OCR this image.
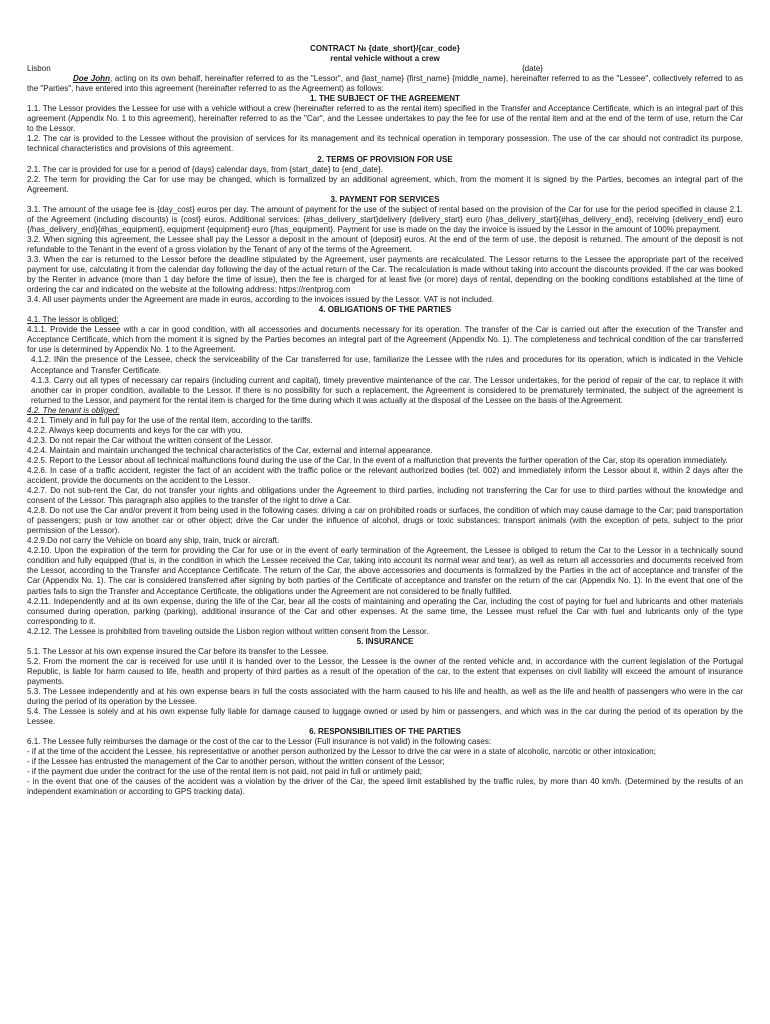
CONTRACT № {date_short}/{car_code}
rental vehicle without a crew
Lisbon	{date}

Doe John, acting on its own behalf, hereinafter referred to as the "Lessor", and {last_name} {first_name} {middle_name}, hereinafter referred to as the "Lessee", collectively referred to as the "Parties", have entered into this agreement (hereinafter referred to as the Agreement) as follows:

1. THE SUBJECT OF THE AGREEMENT

1.1. The Lessor provides the Lessee for use with a vehicle without a crew (hereinafter referred to as the rental item) specified in the Transfer and Acceptance Certificate, which is an integral part of this agreement (Appendix No. 1 to this agreement), hereinafter referred to as the "Car", and the Lessee undertakes to pay the fee for use of the rental item and at the end of the term of use, return the Car to the Lessor.

1.2. The car is provided to the Lessee without the provision of services for its management and its technical operation in temporary possession. The use of the car should not contradict its purpose, technical characteristics and provisions of this agreement.

2. TERMS OF PROVISION FOR USE

2.1. The car is provided for use for a period of {days} calendar days, from {start_date} to {end_date}.

2.2. The term for providing the Car for use may be changed, which is formalized by an additional agreement, which, from the moment it is signed by the Parties, becomes an integral part of the Agreement.

3. PAYMENT FOR SERVICES

3.1. The amount of the usage fee is {day_cost} euros per day. The amount of payment for the use of the subject of rental based on the provision of the Car for use for the period specified in clause 2.1. of the Agreement (including discounts) is {cost} euros. Additional services: {#has_delivery_start}delivery {delivery_start} euro {/has_delivery_start}{#has_delivery_end}, receiving {delivery_end} euro {/has_delivery_end}{#has_equipment}, equipment {equipment} euro {/has_equipment}. Payment for use is made on the day the invoice is issued by the Lessor in the amount of 100% prepayment.

3.2. When signing this agreement, the Lessee shall pay the Lessor a deposit in the amount of {deposit} euros. At the end of the term of use, the deposit is returned. The amount of the deposit is not refundable to the Tenant in the event of a gross violation by the Tenant of any of the terms of the Agreement.

3.3. When the car is returned to the Lessor before the deadline stipulated by the Agreement, user payments are recalculated. The Lessor returns to the Lessee the appropriate part of the received payment for use, calculating it from the calendar day following the day of the actual return of the Car. The recalculation is made without taking into account the discounts provided. If the car was booked by the Renter in advance (more than 1 day before the time of issue), then the fee is charged for at least five (or more) days of rental, depending on the booking conditions established at the time of ordering the car and indicated on the website at the following address: https://rentprog.com

3.4. All user payments under the Agreement are made in euros, according to the invoices issued by the Lessor. VAT is not included.

4. OBLIGATIONS OF THE PARTIES

4.1. The lessor is obliged:

4.1.1. Provide the Lessee with a car in good condition, with all accessories and documents necessary for its operation. The transfer of the Car is carried out after the execution of the Transfer and Acceptance Certificate, which from the moment it is signed by the Parties becomes an integral part of the Agreement (Appendix No. 1). The completeness and technical condition of the car transferred for use is determined by Appendix No. 1 to the Agreement.

4.1.2. INin the presence of the Lessee, check the serviceability of the Car transferred for use, familiarize the Lessee with the rules and procedures for its operation, which is indicated in the Vehicle Acceptance and Transfer Certificate.

4.1.3. Carry out all types of necessary car repairs (including current and capital), timely preventive maintenance of the car. The Lessor undertakes, for the period of repair of the car, to replace it with another car in proper condition, available to the Lessor. If there is no possibility for such a replacement, the Agreement is considered to be prematurely terminated, the subject of the agreement is returned to the Lessor, and payment for the rental item is charged for the time during which it was actually at the disposal of the Lessee on the basis of the Agreement.

4.2. The tenant is obliged:

4.2.1. Timely and in full pay for the use of the rental item, according to the tariffs.

4.2.2. Always keep documents and keys for the car with you.

4.2.3. Do not repair the Car without the written consent of the Lessor.

4.2.4. Maintain and maintain unchanged the technical characteristics of the Car, external and internal appearance.

4.2.5. Report to the Lessor about all technical malfunctions found during the use of the Car. In the event of a malfunction that prevents the further operation of the Car, stop its operation immediately.

4.2.6. In case of a traffic accident, register the fact of an accident with the traffic police or the relevant authorized bodies (tel. 002) and immediately inform the Lessor about it, within 2 days after the accident, provide the documents on the accident to the Lessor.

4.2.7. Do not sub-rent the Car, do not transfer your rights and obligations under the Agreement to third parties, including not transferring the Car for use to third parties without the knowledge and consent of the Lessor. This paragraph also applies to the transfer of the right to drive a Car.

4.2.8. Do not use the Car and/or prevent it from being used in the following cases: driving a car on prohibited roads or surfaces, the condition of which may cause damage to the Car; paid transportation of passengers; push or tow another car or other object; drive the Car under the influence of alcohol, drugs or toxic substances; transport animals (with the exception of pets, subject to the prior permission of the Lessor).

4.2.9.Do not carry the Vehicle on board any ship, train, truck or aircraft.

4.2.10. Upon the expiration of the term for providing the Car for use or in the event of early termination of the Agreement, the Lessee is obliged to return the Car to the Lessor in a technically sound condition and fully equipped (that is, in the condition in which the Lessee received the Car, taking into account its normal wear and tear), as well as return all accessories and documents received from the Lessor, according to the Transfer and Acceptance Certificate. The return of the Car, the above accessories and documents is formalized by the Parties in the act of acceptance and transfer of the Car (Appendix No. 1). The car is considered transferred after signing by both parties of the Certificate of acceptance and transfer on the return of the car (Appendix No. 1). In the event that one of the parties fails to sign the Transfer and Acceptance Certificate, the obligations under the Agreement are not considered to be finally fulfilled.

4.2.11. Independently and at its own expense, during the life of the Car, bear all the costs of maintaining and operating the Car, including the cost of paying for fuel and lubricants and other materials consumed during operation, parking (parking), additional insurance of the Car and other expenses. At the same time, the Lessee must refuel the Car with fuel and lubricants only of the type corresponding to it.

4.2.12. The Lessee is prohibited from traveling outside the Lisbon region without written consent from the Lessor.

5. INSURANCE

5.1. The Lessor at his own expense insured the Car before its transfer to the Lessee.

5.2. From the moment the car is received for use until it is handed over to the Lessor, the Lessee is the owner of the rented vehicle and, in accordance with the current legislation of the Portugal Republic, is liable for harm caused to life, health and property of third parties as a result of the operation of the car, to the extent that expenses on civil liability will exceed the amount of insurance payments.

5.3. The Lessee independently and at his own expense bears in full the costs associated with the harm caused to his life and health, as well as the life and health of passengers who were in the car during the period of its operation by the Lessee.

5.4. The Lessee is solely and at his own expense fully liable for damage caused to luggage owned or used by him or passengers, and which was in the car during the period of its operation by the Lessee.

6. RESPONSIBILITIES OF THE PARTIES

6.1. The Lessee fully reimburses the damage or the cost of the car to the Lessor (Full insurance is not valid) in the following cases:

- if at the time of the accident the Lessee, his representative or another person authorized by the Lessor to drive the car were in a state of alcoholic, narcotic or other intoxication;

- if the Lessee has entrusted the management of the Car to another person, without the written consent of the Lessor;

- if the payment due under the contract for the use of the rental item is not paid, not paid in full or untimely paid;

- in the event that one of the causes of the accident was a violation by the driver of the Car, the speed limit established by the traffic rules, by more than 40 km/h. (Determined by the results of an independent examination or according to GPS tracking data).
